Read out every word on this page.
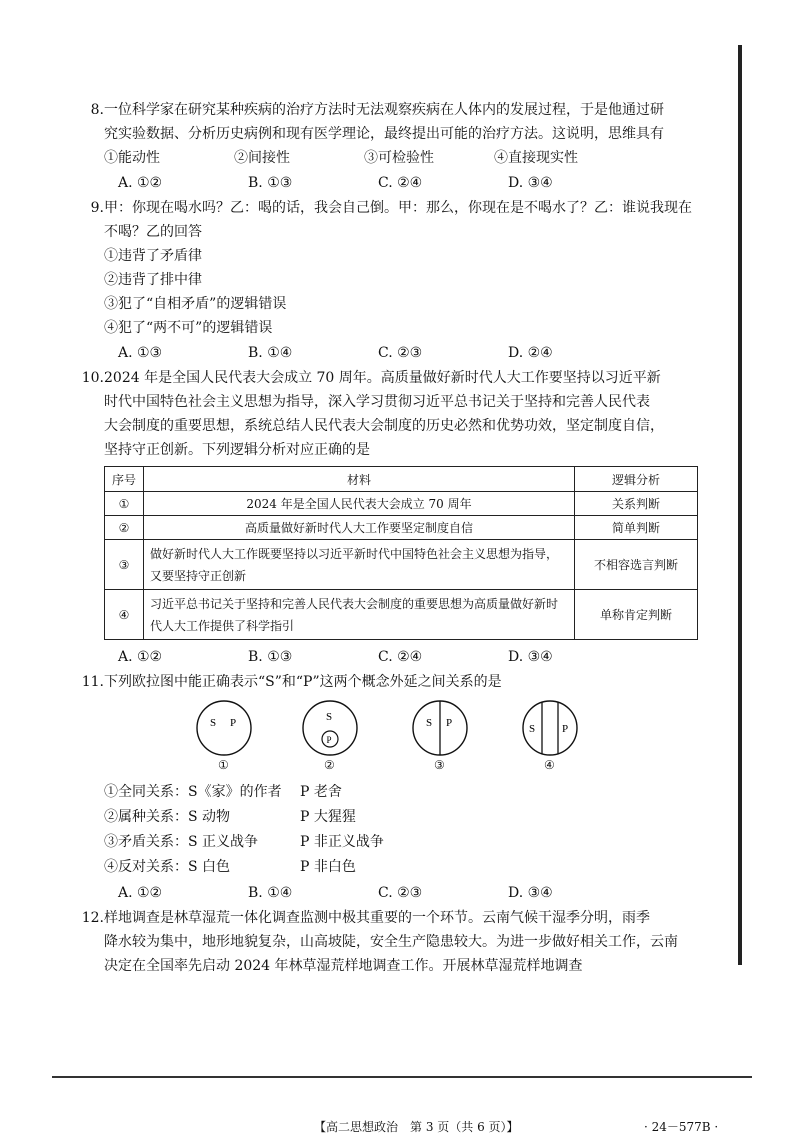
8. 一位科学家在研究某种疾病的治疗方法时无法观察疾病在人体内的发展过程，于是他通过研
究实验数据、分析历史病例和现有医学理论，最终提出可能的治疗方法。这说明，思维具有
①能动性	②间接性	③可检验性	④直接现实性
A. ①②	B. ①③	C. ②④	D. ③④
9. 甲：你现在喝水吗？乙：喝的话，我会自己倒。甲：那么，你现在是不喝水了？乙：谁说我现在
不喝？乙的回答
①违背了矛盾律
②违背了排中律
③犯了“自相矛盾”的逻辑错误
④犯了“两不可”的逻辑错误
A. ①③	B. ①④	C. ②③	D. ②④
10. 2024 年是全国人民代表大会成立 70 周年。高质量做好新时代人大工作要坚持以习近平新
时代中国特色社会主义思想为指导，深入学习贯彻习近平总书记关于坚持和完善人民代表
大会制度的重要思想，系统总结人民代表大会制度的历史必然和优势功效，坚定制度自信，
坚持守正创新。下列逻辑分析对应正确的是
序号	材料	逻辑分析
①	2024 年是全国人民代表大会成立 70 周年	关系判断
②	高质量做好新时代人大工作要坚定制度自信	简单判断
③	做好新时代人大工作既要坚持以习近平新时代中国特色社会主义思想为指导，又要坚持守正创新	不相容选言判断
④	习近平总书记关于坚持和完善人民代表大会制度的重要思想为高质量做好新时代人大工作提供了科学指引	单称肯定判断
A. ①②	B. ①③	C. ②④	D. ③④
11. 下列欧拉图中能正确表示“S”和“P”这两个概念外延之间关系的是
S P
①
S
P
②
S P
③
S P
④
①全同关系：S《家》的作者	P 老舍
②属种关系：S 动物	P 大猩猩
③矛盾关系：S 正义战争	P 非正义战争
④反对关系：S 白色	P 非白色
A. ①②	B. ①④	C. ②③	D. ③④
12. 样地调查是林草湿荒一体化调查监测中极其重要的一个环节。云南气候干湿季分明，雨季
降水较为集中，地形地貌复杂，山高坡陡，安全生产隐患较大。为进一步做好相关工作，云南
决定在全国率先启动 2024 年林草湿荒样地调查工作。开展林草湿荒样地调查
【高二思想政治　第 3 页（共 6 页）】	· 24－577B ·
